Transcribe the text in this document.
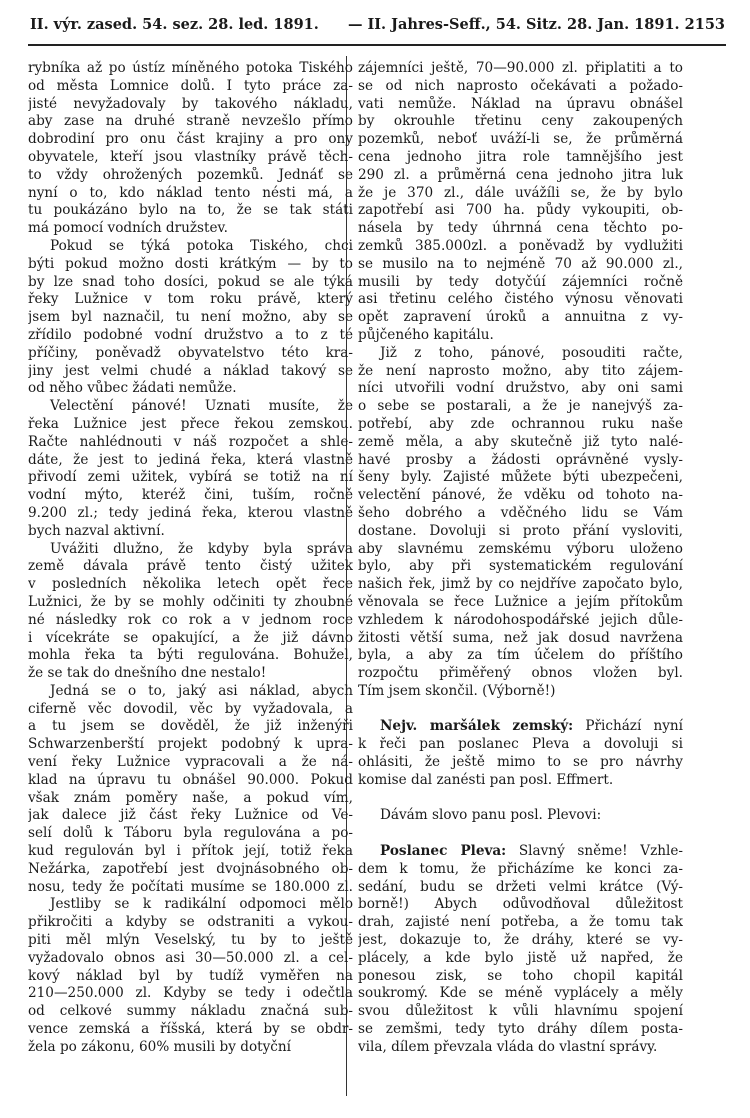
II. výr. zased. 54. sez. 28. led. 1891. — II. Jahres-Seff., 54. Sitz. 28. Jan. 1891. 2153
rybníka až po ústíz míněného potoka Tiského
od města Lomnice dolů. I tyto práce za-
jisté nevyžadovaly by takového nákladu,
aby zase na druhé straně nevzešlo přímo
dobrodiní pro onu část krajiny a pro ony
obyvatele, kteří jsou vlastníky právě těch-
to vždy ohrožených pozemků. Jednáť se
nyní o to, kdo náklad tento nésti má, a
tu poukázáno bylo na to, že se tak státi
má pomocí vodních družstev.
Pokud se týká potoka Tiského, chci
býti pokud možno dosti krátkým — by to
by lze snad toho dosíci, pokud se ale týká
řeky Lužnice v tom roku právě, který
jsem byl naznačil, tu není možno, aby se
zřídilo podobné vodní družstvo a to z té
příčiny, poněvadž obyvatelstvo této kra-
jiny jest velmi chudé a náklad takový se
od něho vůbec žádati nemůže.
Velectění pánové! Uznati musíte, že
řeka Lužnice jest přece řekou zemskou.
Račte nahlédnouti v náš rozpočet a shle-
dáte, že jest to jediná řeka, která vlastně
přivodí zemi užitek, vybírá se totiž na ní
vodní mýto, kteréž čini, tuším, ročně
9.200 zl.; tedy jediná řeka, kterou vlastně
bych nazval aktivní.
Uvážiti dlužno, že kdyby byla správa
země dávala právě tento čistý užitek
v posledních několika letech opět řece
Lužnici, že by se mohly odčiniti ty zhoubné
né následky rok co rok a v jednom roce
i vícekráte se opakující, a že již dávno
mohla řeka ta býti regulována. Bohužel,
že se tak do dnešního dne nestalo!
Jedná se o to, jaký asi náklad, abych
ciferně věc dovodil, věc by vyžadovala, a
a tu jsem se dověděl, že již inženýři
Schwarzenberští projekt podobný k upra-
vení řeky Lužnice vypracovali a že ná-
klad na úpravu tu obnášel 90.000. Pokud
však znám poměry naše, a pokud vím,
jak dalece již část řeky Lužnice od Ve-
selí dolů k Táboru byla regulována a po-
kud regulován byl i přítok její, totiž řeka
Nežárka, zapotřebí jest dvojnásobného ob-
nosu, tedy že počítati musíme se 180.000 zl.
Jestliby se k radikální odpomoci mělo
přikročiti a kdyby se odstraniti a vykou-
piti měl mlýn Veselský, tu by to ještě
vyžadovalo obnos asi 30—50.000 zl. a cel-
kový náklad byl by tudíž vyměřen na
210—250.000 zl. Kdyby se tedy i odečtla
od celkové summy nákladu značná sub-
vence zemská a říšská, která by se obdr-
žela po zákonu, 60% musili by dotyční
zájemníci ještě, 70—90.000 zl. připlatiti a to
se od nich naprosto očekávati a požado-
vati nemůže. Náklad na úpravu obnášel
by okrouhle třetinu ceny zakoupených
pozemků, neboť uváží-li se, že průměrná
cena jednoho jitra role tamnějšího jest
290 zl. a průměrná cena jednoho jitra luk
že je 370 zl., dále uvážíli se, že by bylo
zapotřebí asi 700 ha. půdy vykoupiti, ob-
násela by tedy úhrnná cena těchto po-
zemků 385.000zl. a poněvadž by vydlužiti
se musilo na to nejméně 70 až 90.000 zl.,
musili by tedy dotyčúí zájemníci ročně
asi třetinu celého čistého výnosu věnovati
opět zapravení úroků a annuitna z vy-
půjčeného kapitálu.
Již z toho, pánové, posouditi račte,
že není naprosto možno, aby tito zájem-
níci utvořili vodní družstvo, aby oni sami
o sebe se postarali, a že je nanejvýš za-
potřebí, aby zde ochrannou ruku naše
země měla, a aby skutečně již tyto nalé-
havé prosby a žádosti oprávněné vysly-
šeny byly. Zajisté můžete býti ubezpečeni,
velectění pánové, že vděku od tohoto na-
šeho dobrého a vděčného lidu se Vám
dostane. Dovoluji si proto přání vysloviti,
aby slavnému zemskému výboru uloženo
bylo, aby při systematickém regulování
našich řek, jimž by co nejdříve započato bylo,
věnovala se řece Lužnice a jejím přítokům
vzhledem k národohospodářské jejich důle-
žitosti větší suma, než jak dosud navržena
byla, a aby za tím účelem do příštího
rozpočtu přiměřený obnos vložen byl.
Tím jsem skončil. (Výborně!)
Nejv. maršálek zemský: Přichází nyní
k řeči pan poslanec Pleva a dovoluji si
ohlásiti, že ještě mimo to se pro návrhy
komise dal zanésti pan posl. Effmert.
Dávám slovo panu posl. Plevovi:
Poslanec Pleva: Slavný sněme! Vzhle-
dem k tomu, že přicházíme ke konci za-
sedání, budu se držeti velmi krátce (Vý-
borně!) Abych odůvodňoval důležitost
drah, zajisté není potřeba, a že tomu tak
jest, dokazuje to, že dráhy, které se vy-
plácely, a kde bylo jistě už napřed, že
ponesou zisk, se toho chopil kapitál
soukromý. Kde se méně vyplácely a měly
svou důležitost k vůli hlavnímu spojení
se zemšmi, tedy tyto dráhy dílem posta-
vila, dílem převzala vláda do vlastní správy.
